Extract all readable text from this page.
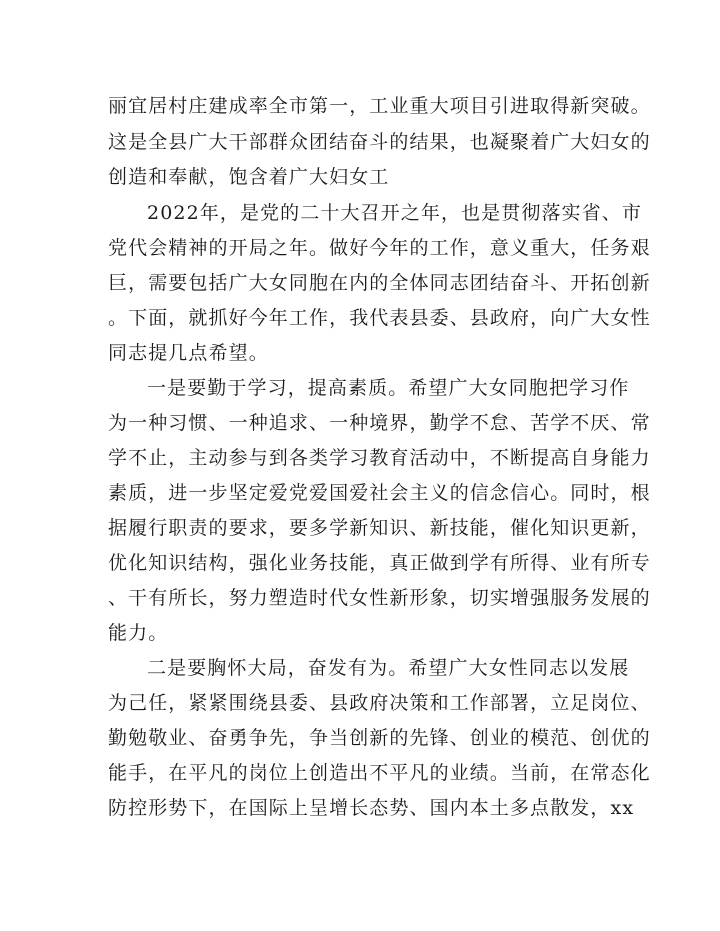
丽宜居村庄建成率全市第一，工业重大项目引进取得新突破。
这是全县广大干部群众团结奋斗的结果，也凝聚着广大妇女的
创造和奉献，饱含着广大妇女工
2022年，是党的二十大召开之年，也是贯彻落实省、市
党代会精神的开局之年。做好今年的工作，意义重大，任务艰
巨，需要包括广大女同胞在内的全体同志团结奋斗、开拓创新
。下面，就抓好今年工作，我代表县委、县政府，向广大女性
同志提几点希望。
一是要勤于学习，提高素质。希望广大女同胞把学习作
为一种习惯、一种追求、一种境界，勤学不怠、苦学不厌、常
学不止，主动参与到各类学习教育活动中，不断提高自身能力
素质，进一步坚定爱党爱国爱社会主义的信念信心。同时，根
据履行职责的要求，要多学新知识、新技能，催化知识更新，
优化知识结构，强化业务技能，真正做到学有所得、业有所专
、干有所长，努力塑造时代女性新形象，切实增强服务发展的
能力。
二是要胸怀大局，奋发有为。希望广大女性同志以发展
为己任，紧紧围绕县委、县政府决策和工作部署，立足岗位、
勤勉敬业、奋勇争先，争当创新的先锋、创业的模范、创优的
能手，在平凡的岗位上创造出不平凡的业绩。当前，在常态化
防控形势下，在国际上呈增长态势、国内本土多点散发，xx
